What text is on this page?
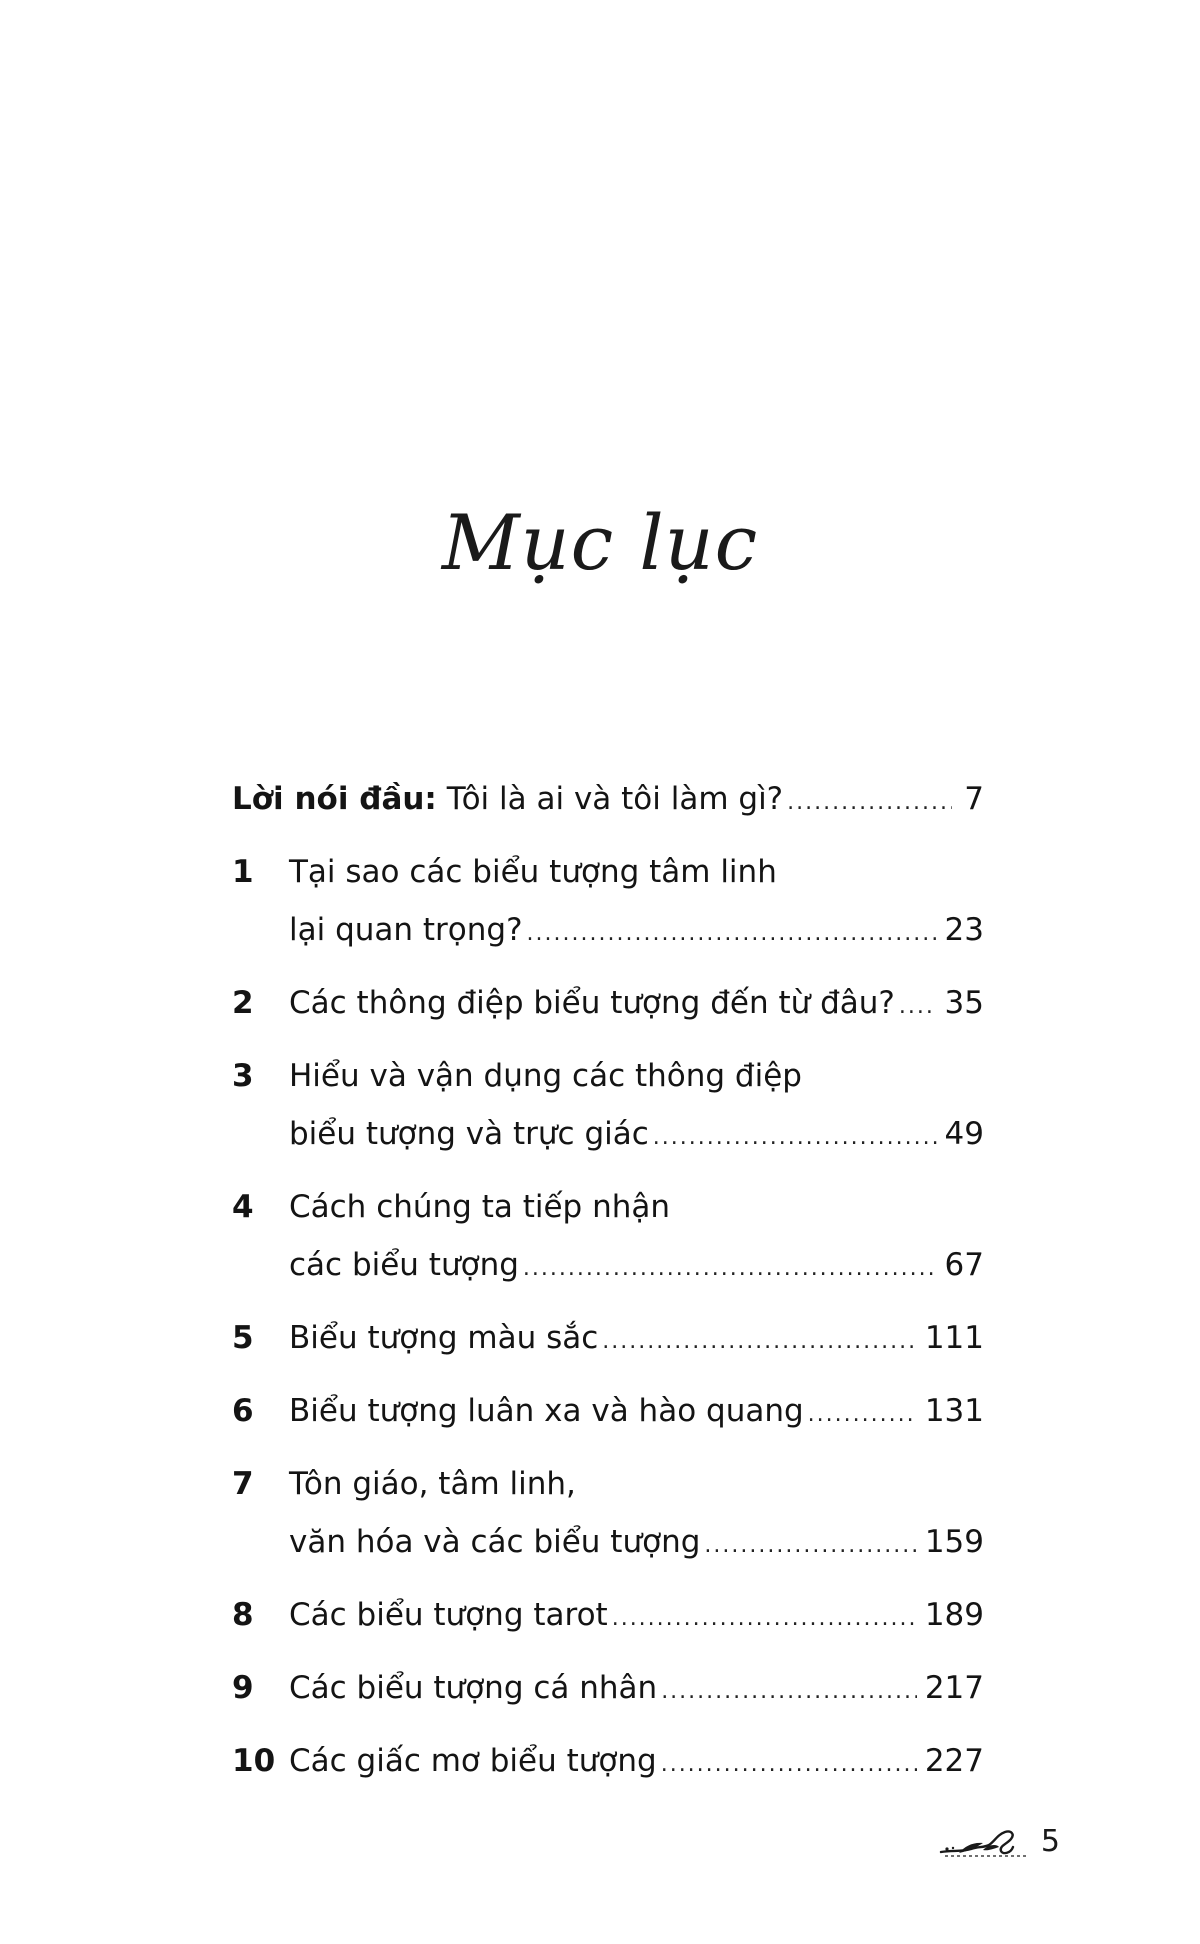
Mục lục
Lời nói đầu: Tôi là ai và tôi làm gì? .....	7
1	Tại sao các biểu tượng tâm linh
lại quan trọng? .....	23
2	Các thông điệp biểu tượng đến từ đâu? ..... 35
3	Hiểu và vận dụng các thông điệp
biểu tượng và trực giác .....	49
4	Cách chúng ta tiếp nhận
các biểu tượng .....	67
5	Biểu tượng màu sắc .....	111
6	Biểu tượng luân xa và hào quang .....	131
7	Tôn giáo, tâm linh,
văn hóa và các biểu tượng .....	159
8	Các biểu tượng tarot .....	189
9	Các biểu tượng cá nhân .....	217
10 Các giấc mơ biểu tượng .....	227
5
